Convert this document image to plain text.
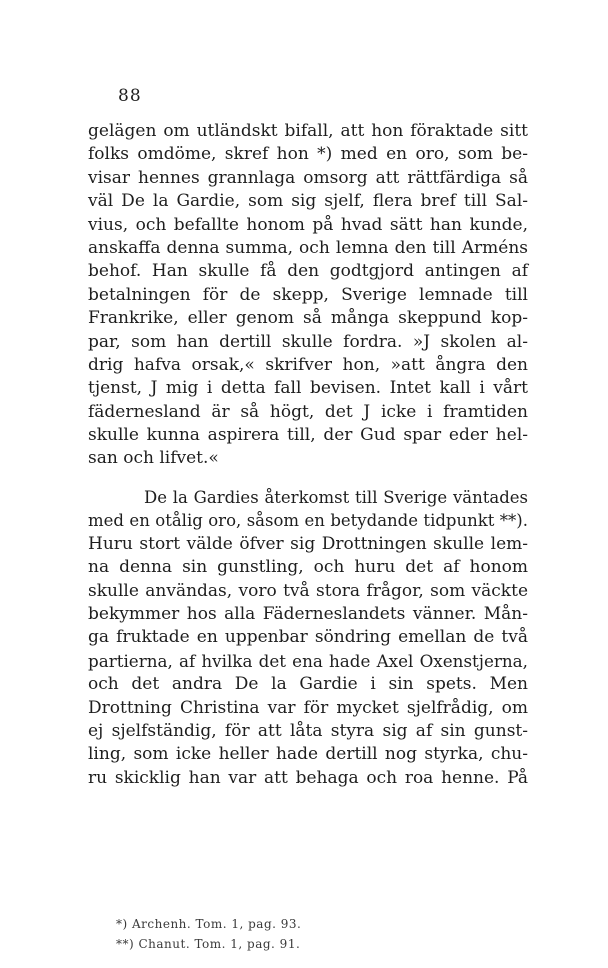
88
gelägen om utländskt bifall, att hon föraktade sitt
folks omdöme, skref hon *) med en oro, som be-
visar hennes grannlaga omsorg att rättfärdiga så
väl De la Gardie, som sig sjelf, flera bref till Sal-
vius, och befallte honom på hvad sätt han kunde,
anskaffa denna summa, och lemna den till Arméns
behof. Han skulle få den godtgjord antingen af
betalningen för de skepp, Sverige lemnade till
Frankrike, eller genom så många skeppund kop-
par, som han dertill skulle fordra. »J skolen al-
drig hafva orsak,« skrifver hon, »att ångra den
tjenst, J mig i detta fall bevisen. Intet kall i vårt
fädernesland är så högt, det J icke i framtiden
skulle kunna aspirera till, der Gud spar eder hel-
san och lifvet.«
De la Gardies återkomst till Sverige väntades
med en otålig oro, såsom en betydande tidpunkt **).
Huru stort välde öfver sig Drottningen skulle lem-
na denna sin gunstling, och huru det af honom
skulle användas, voro två stora frågor, som väckte
bekymmer hos alla Fäderneslandets vänner. Mån-
ga fruktade en uppenbar söndring emellan de två
partierna, af hvilka det ena hade Axel Oxenstjerna,
och det andra De la Gardie i sin spets. Men
Drottning Christina var för mycket sjelfrådig, om
ej sjelfständig, för att låta styra sig af sin gunst-
ling, som icke heller hade dertill nog styrka, chu-
ru skicklig han var att behaga och roa henne. På
*) Archenh. Tom. 1, pag. 93.
**) Chanut. Tom. 1, pag. 91.
